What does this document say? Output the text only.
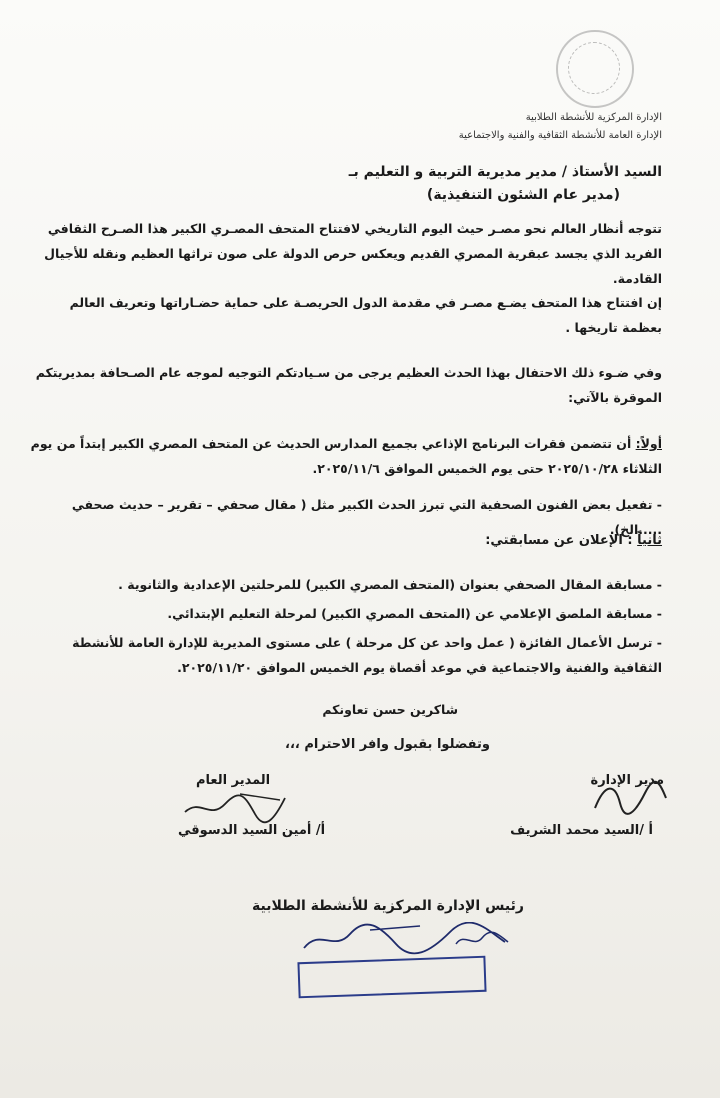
الإدارة المركزية للأنشطة الطلابية
الإدارة العامة للأنشطة الثقافية والفنية والاجتماعية
السيد الأستاذ / مدير مديرية التربية و التعليم بـ
(مدير عام الشئون التنفيذية)
تتوجه أنظار العالم نحو مصـر حيث اليوم التاريخي لافتتاح المتحف المصـري الكبير هذا الصـرح الثقافي الفريد الذي يجسد عبقرية المصري القديم ويعكس حرص الدولة على صون تراثها العظيم ونقله للأجيال القادمة.
إن افتتاح هذا المتحف يضـع مصـر في مقدمة الدول الحريصـة على حماية حضـاراتها وتعريف العالم بعظمة تاريخها .
وفي ضـوء ذلك الاحتفال بهذا الحدث العظيم يرجى من سـيادتكم التوجيه لموجه عام الصـحافة بمديريتكم الموقرة بالآتي:
أولاً: أن تتضمن فقرات البرنامج الإذاعي بجميع المدارس الحديث عن المتحف المصري الكبير إبتداً من يوم الثلاثاء ٢٠٢٥/١٠/٢٨ حتى يوم الخميس الموافق ٢٠٢٥/١١/٦.
- تفعيل بعض الفنون الصحفية التي تبرز الحدث الكبير مثل ( مقال صحفي – تقرير – حديث صحفي .....الخ).
ثانياً : الإعلان عن مسابقتي:
- مسابقة المقال الصحفي بعنوان (المتحف المصري الكبير) للمرحلتين الإعدادية والثانوية .
- مسابقة الملصق الإعلامي عن (المتحف المصري الكبير) لمرحلة التعليم الإبتدائي.
- ترسل الأعمال الفائزة ( عمل واحد عن كل مرحلة ) على مستوى المديرية للإدارة العامة للأنشطة الثقافية والفنية والاجتماعية في موعد أقصاة يوم الخميس الموافق ٢٠٢٥/١١/٢٠.
شاكرين حسن تعاونكم
وتفضلوا بقبول وافر الاحترام ،،،
مدير الإدارة
أ /السيد محمد الشريف
المدير العام
أ/ أمين السيد الدسوقي
رئيس الإدارة المركزية للأنشطة الطلابية
